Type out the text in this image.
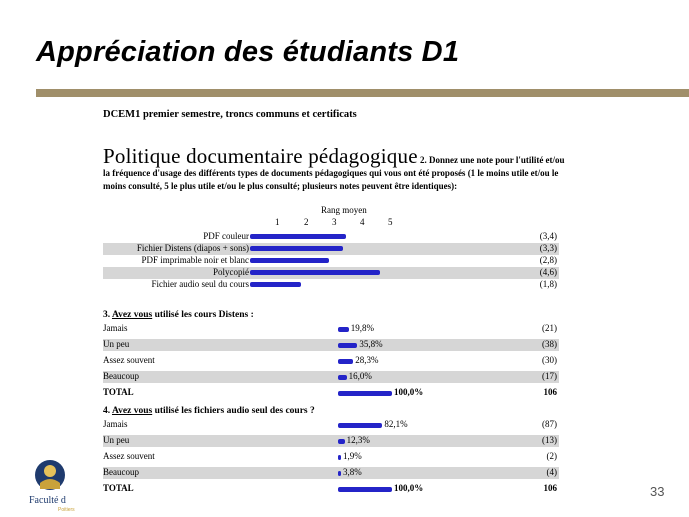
Appréciation des étudiants D1
DCEM1 premier semestre, troncs communs et certificats
Politique documentaire pédagogique 2. Donnez une note pour l'utilité et/ou la fréquence d'usage des différents types de documents pédagogiques qui vous ont été proposés (1 le moins utile et/ou le moins consulté, 5 le plus utile et/ou le plus consulté; plusieurs notes peuvent être identiques):
Rang moyen
1	2	3	4	5
PDF couleur	(3,4)
Fichier Distens (diapos + sons)	(3,3)
PDF imprimable noir et blanc	(2,8)
Polycopié	(4,6)
Fichier audio seul du cours	(1,8)
3. Avez vous utilisé les cours Distens :
Jamais	19,8%	(21)
Un peu	35,8%	(38)
Assez souvent	28,3%	(30)
Beaucoup	16,0%	(17)
TOTAL	100,0%	106
4. Avez vous utilisé les fichiers audio seul des cours ?
Jamais	82,1%	(87)
Un peu	12,3%	(13)
Assez souvent	1,9%	(2)
Beaucoup	3,8%	(4)
TOTAL	100,0%	106
Faculté d
Poitiers
33
